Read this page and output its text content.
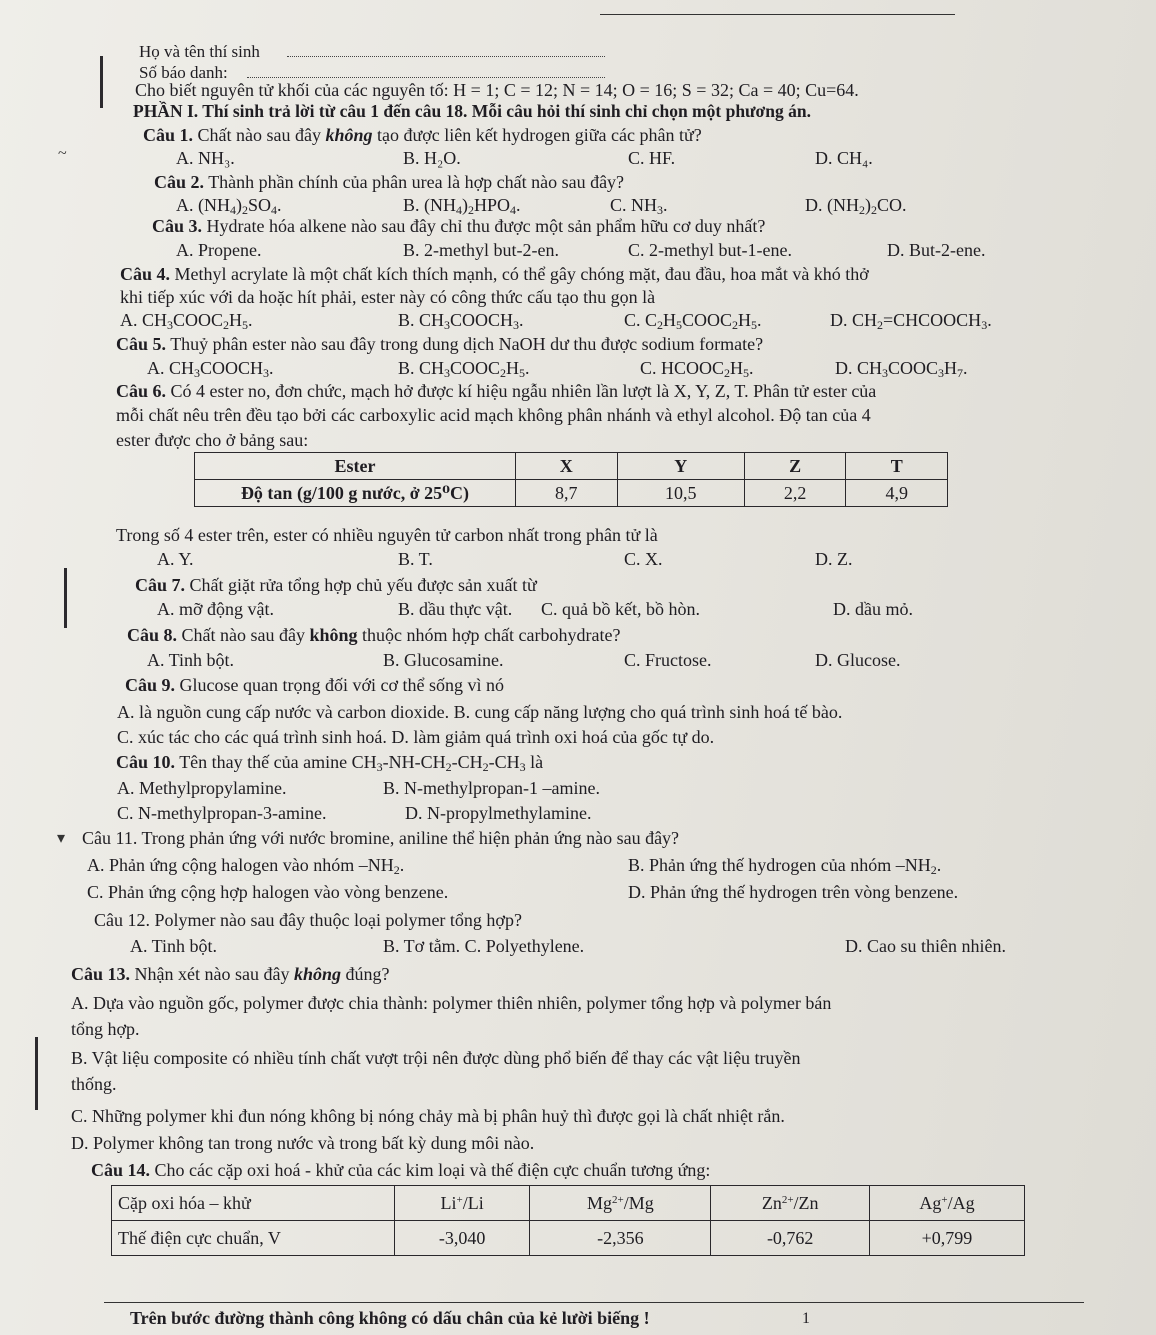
Họ và tên thí sinh
Số báo danh:
Cho biết nguyên tử khối của các nguyên tố: H = 1; C = 12; N = 14; O = 16; S = 32; Ca = 40; Cu=64.
PHẦN I. Thí sinh trả lời từ câu 1 đến câu 18. Mỗi câu hỏi thí sinh chỉ chọn một phương án.
Câu 1. Chất nào sau đây không tạo được liên kết hydrogen giữa các phân tử?
~	A. NH₃.	B. H₂O.	C. HF.	D. CH₄.
Câu 2. Thành phần chính của phân urea là hợp chất nào sau đây?
A. $(NH_4)_2SO_4$.	B. $(NH_4)_2HPO_4$.	C. $NH_3$.	D. $(NH_2)_2CO$.
Câu 3. Hydrate hóa alkene nào sau đây chỉ thu được một sản phẩm hữu cơ duy nhất?
A. Propene.	B. 2-methyl but-2-en.	C. 2-methyl but-1-ene.	D. But-2-ene.
Câu 4. Methyl acrylate là một chất kích thích mạnh, có thể gây chóng mặt, đau đầu, hoa mắt và khó thở
khi tiếp xúc với da hoặc hít phải, ester này có công thức cấu tạo thu gọn là
A. $CH_3COOC_2H_5$.	B. $CH_3COOCH_3$.	C. $C_2H_5COOC_2H_5$.	D. $CH_2=CHCOOCH_3$.
Câu 5. Thuỷ phân ester nào sau đây trong dung dịch NaOH dư thu được sodium formate?
A. $CH_3COOCH_3$.	B. $CH_3COOC_2H_5$.	C. $HCOOC_2H_5$.	D. $CH_3COOC_3H_7$.
Câu 6. Có 4 ester no, đơn chức, mạch hở được kí hiệu ngẫu nhiên lần lượt là X, Y, Z, T. Phân tử ester của
mỗi chất nêu trên đều tạo bởi các carboxylic acid mạch không phân nhánh và ethyl alcohol. Độ tan của 4
ester được cho ở bảng sau:
Ester	X	Y	Z	T
Độ tan (g/100 g nước, ở 25⁰C)	8,7	10,5	2,2	4,9
Trong số 4 ester trên, ester có nhiều nguyên tử carbon nhất trong phân tử là
A. Y.	B. T.	C. X.	D. Z.
Câu 7. Chất giặt rửa tổng hợp chủ yếu được sản xuất từ
A. mỡ động vật.	B. dầu thực vật. C. quả bồ kết, bồ hòn.	D. dầu mỏ.
Câu 8. Chất nào sau đây không thuộc nhóm hợp chất carbohydrate?
A. Tinh bột.	B. Glucosamine.	C. Fructose.	D. Glucose.
Câu 9. Glucose quan trọng đối với cơ thể sống vì nó
A. là nguồn cung cấp nước và carbon dioxide. B. cung cấp năng lượng cho quá trình sinh hoá tế bào.
C. xúc tác cho các quá trình sinh hoá. D. làm giảm quá trình oxi hoá của gốc tự do.
Câu 10. Tên thay thế của amine $CH_3-NH-CH_2-CH_2-CH_3$ là
A. Methylpropylamine.	B. N-methylpropan-1 –amine.
C. N-methylpropan-3-amine.	D. N-propylmethylamine.
▾ Câu 11. Trong phản ứng với nước bromine, aniline thể hiện phản ứng nào sau đây?
A. Phản ứng cộng halogen vào nhóm $-NH_2$.	B. Phản ứng thế hydrogen của nhóm $-NH_2$.
C. Phản ứng cộng hợp halogen vào vòng benzene.	D. Phản ứng thế hydrogen trên vòng benzene.
Câu 12. Polymer nào sau đây thuộc loại polymer tổng hợp?
A. Tinh bột.	B. Tơ tằm. C. Polyethylene.	D. Cao su thiên nhiên.
Câu 13. Nhận xét nào sau đây không đúng?
A. Dựa vào nguồn gốc, polymer được chia thành: polymer thiên nhiên, polymer tổng hợp và polymer bán
tổng hợp.
B. Vật liệu composite có nhiều tính chất vượt trội nên được dùng phổ biến để thay các vật liệu truyền
thống.
C. Những polymer khi đun nóng không bị nóng chảy mà bị phân huỷ thì được gọi là chất nhiệt rắn.
D. Polymer không tan trong nước và trong bất kỳ dung môi nào.
Câu 14. Cho các cặp oxi hoá - khử của các kim loại và thế điện cực chuẩn tương ứng:
Cặp oxi hóa – khử	Li+/Li	$Mg^{2+}/Mg$	$Zn^{2+}/Zn$	Ag+/Ag
Thế điện cực chuẩn, V	-3,040	-2,356	-0,762	+0,799
Trên bước đường thành công không có dấu chân của kẻ lười biếng !	1
